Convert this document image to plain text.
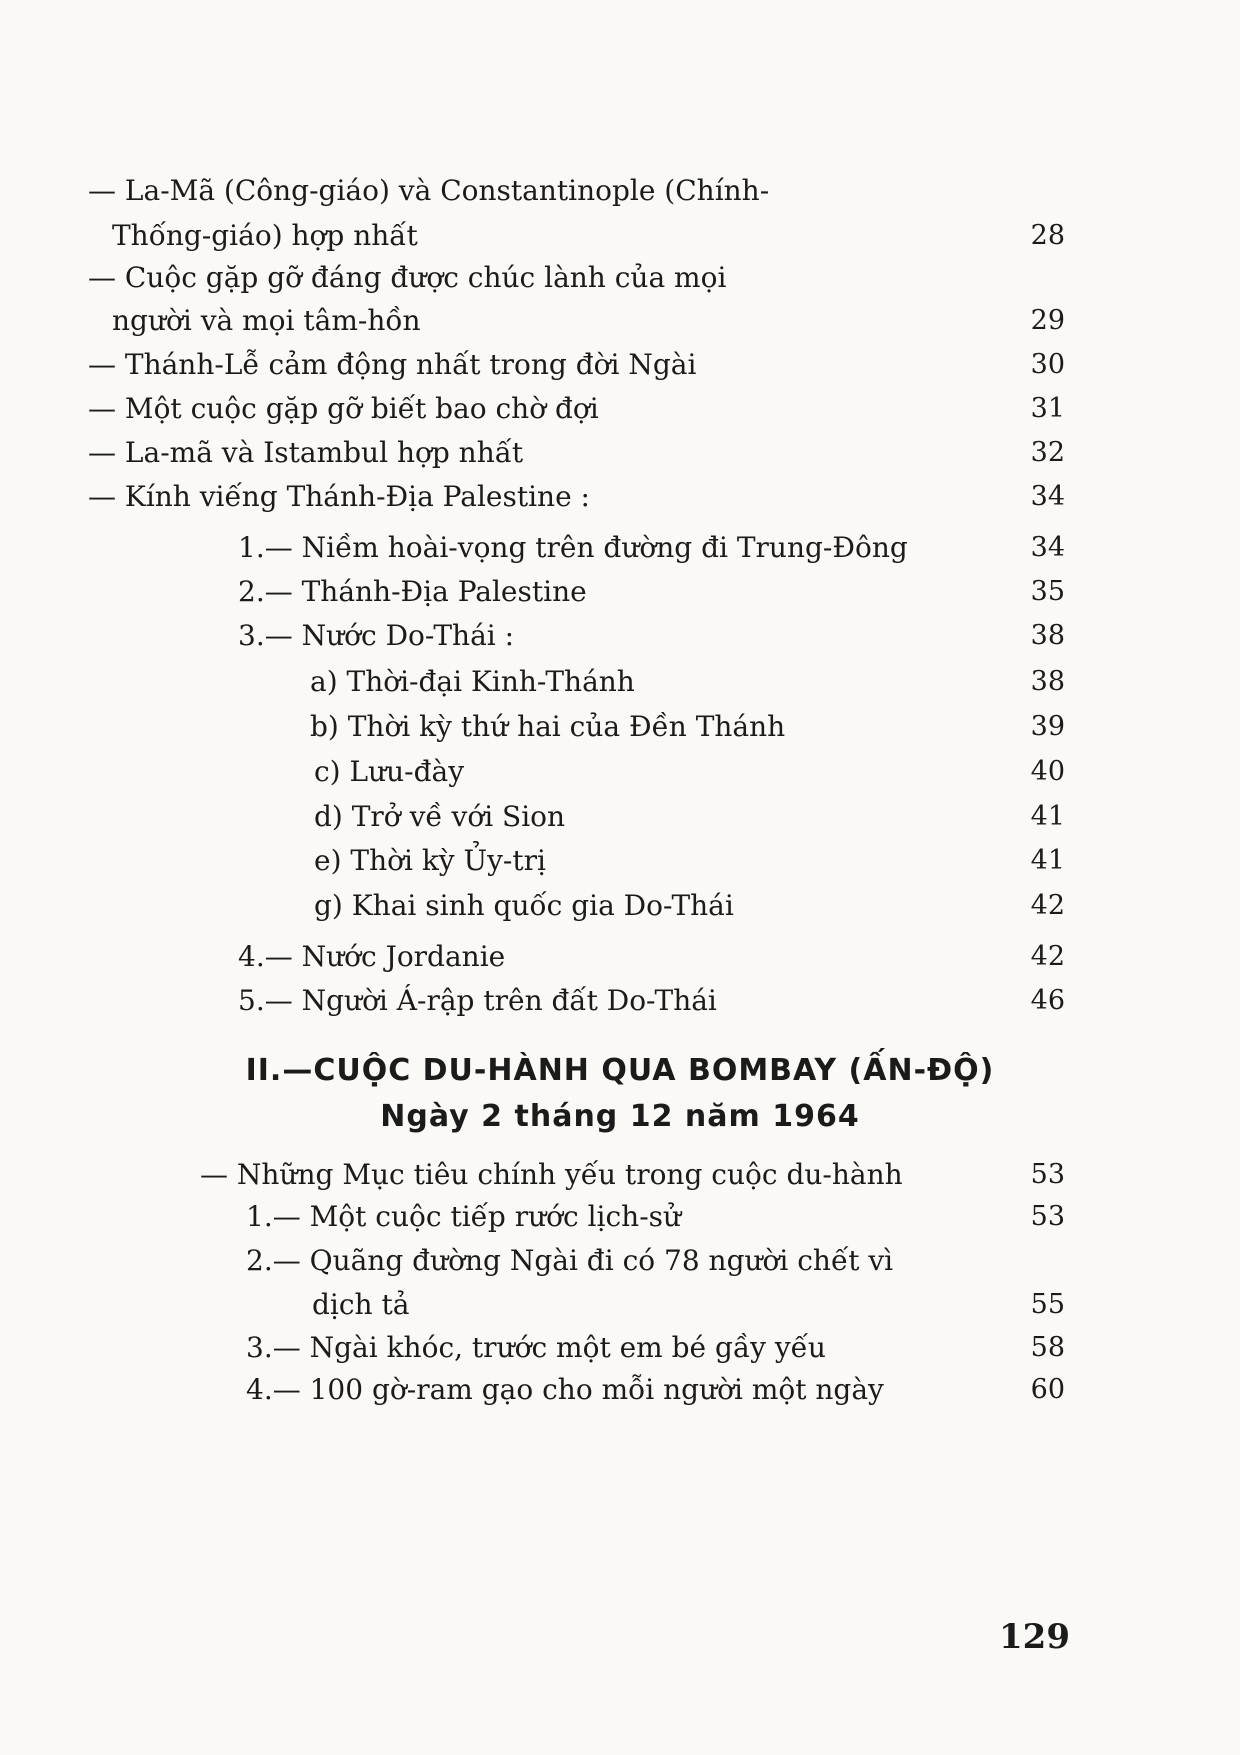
— La-Mã (Công-giáo) và Constantinople (Chính-
Thống-giáo) hợp nhất	28
— Cuộc gặp gỡ đáng được chúc lành của mọi
người và mọi tâm-hồn	29
— Thánh-Lễ cảm động nhất trong đời Ngài	30
— Một cuộc gặp gỡ biết bao chờ đợi	31
— La-mã và Istambul hợp nhất	32
— Kính viếng Thánh-Địa Palestine :	34
1.— Niềm hoài-vọng trên đường đi Trung-Đông	34
2.— Thánh-Địa Palestine	35
3.— Nước Do-Thái :	38
a) Thời-đại Kinh-Thánh	38
b) Thời kỳ thứ hai của Đền Thánh	39
c) Lưu-đày	40
d) Trở về với Sion	41
e) Thời kỳ Ủy-trị	41
g) Khai sinh quốc gia Do-Thái	42
4.— Nước Jordanie	42
5.— Người Á-rập trên đất Do-Thái	46
II.—CUỘC DU-HÀNH QUA BOMBAY (ẤN-ĐỘ)
Ngày 2 tháng 12 năm 1964
— Những Mục tiêu chính yếu trong cuộc du-hành	53
1.— Một cuộc tiếp rước lịch-sử	53
2.— Quãng đường Ngài đi có 78 người chết vì
dịch tả	55
3.— Ngài khóc, trước một em bé gầy yếu	58
4.— 100 gờ-ram gạo cho mỗi người một ngày	60
129
